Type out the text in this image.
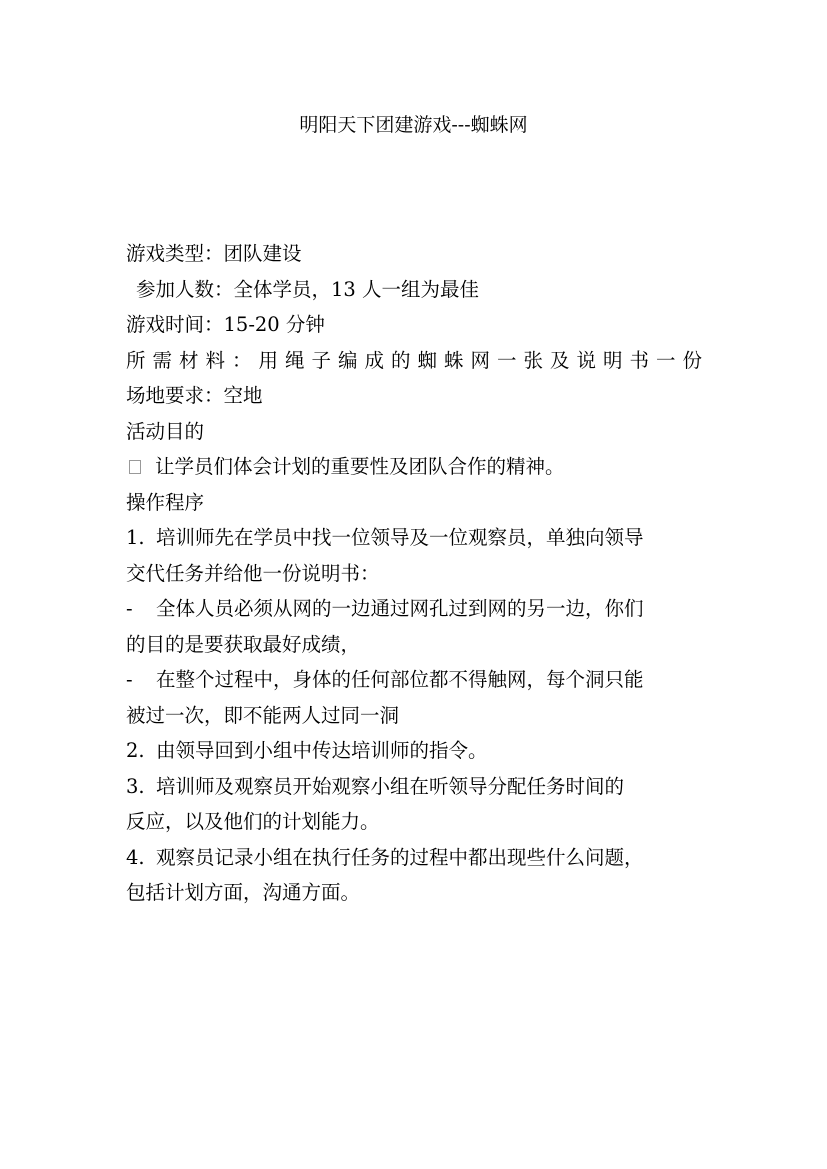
明阳天下团建游戏---蜘蛛网
游戏类型：团队建设
参加人数：全体学员，13 人一组为最佳
游戏时间：15-20 分钟
所需材料：用绳子编成的蜘蛛网一张及说明书一份
场地要求：空地
活动目的
让学员们体会计划的重要性及团队合作的精神。
操作程序
1. 培训师先在学员中找一位领导及一位观察员，单独向领导
交代任务并给他一份说明书：
- 全体人员必须从网的一边通过网孔过到网的另一边，你们
的目的是要获取最好成绩，
- 在整个过程中，身体的任何部位都不得触网，每个洞只能
被过一次，即不能两人过同一洞
2. 由领导回到小组中传达培训师的指令。
3. 培训师及观察员开始观察小组在听领导分配任务时间的
反应，以及他们的计划能力。
4. 观察员记录小组在执行任务的过程中都出现些什么问题，
包括计划方面，沟通方面。
